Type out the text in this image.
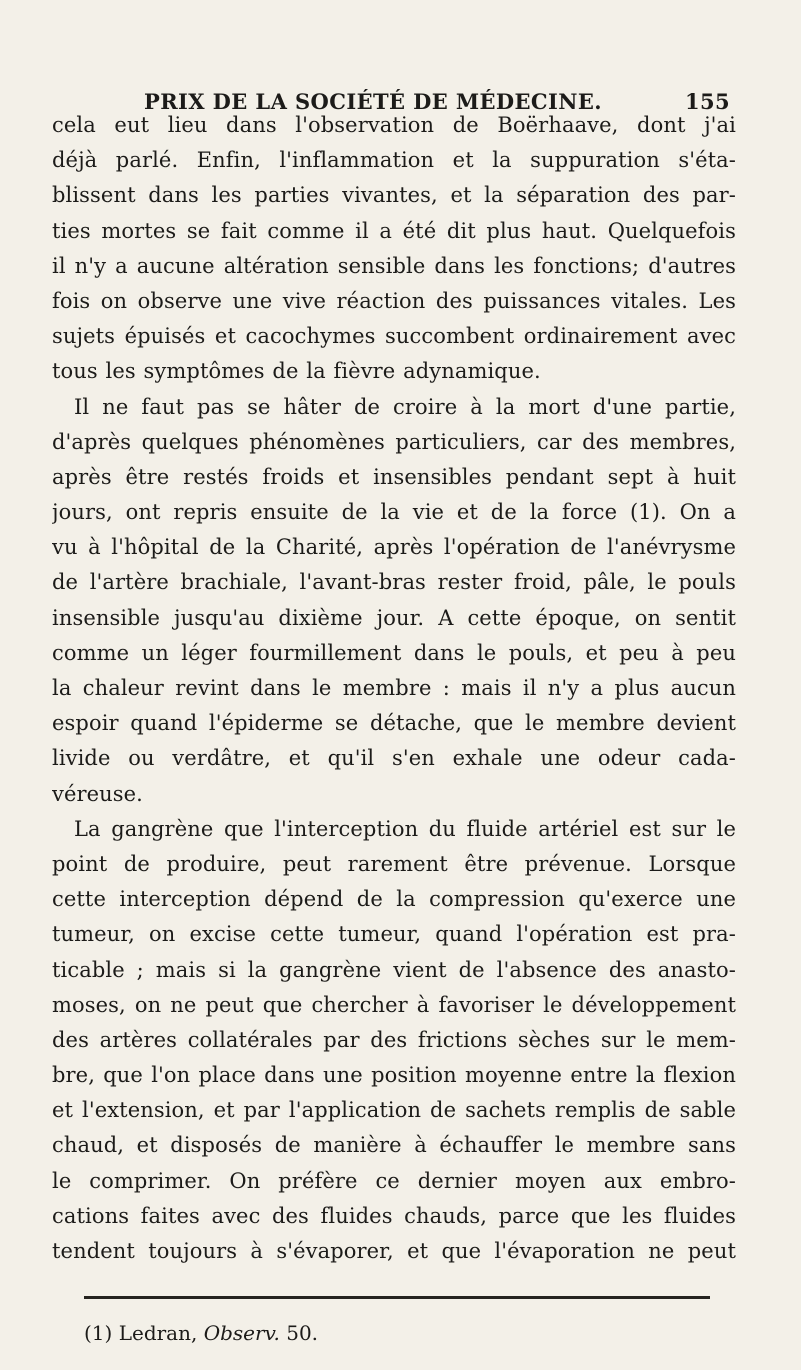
PRIX DE LA SOCIÉTÉ DE MÉDECINE.	155
cela eut lieu dans l'observation de Boërhaave, dont j'ai
déjà parlé. Enfin, l'inflammation et la suppuration s'éta-
blissent dans les parties vivantes, et la séparation des par-
ties mortes se fait comme il a été dit plus haut. Quelquefois
il n'y a aucune altération sensible dans les fonctions; d'autres
fois on observe une vive réaction des puissances vitales. Les
sujets épuisés et cacochymes succombent ordinairement avec
tous les symptômes de la fièvre adynamique.
Il ne faut pas se hâter de croire à la mort d'une partie,
d'après quelques phénomènes particuliers, car des membres,
après être restés froids et insensibles pendant sept à huit
jours, ont repris ensuite de la vie et de la force (1). On a
vu à l'hôpital de la Charité, après l'opération de l'anévrysme
de l'artère brachiale, l'avant-bras rester froid, pâle, le pouls
insensible jusqu'au dixième jour. A cette époque, on sentit
comme un léger fourmillement dans le pouls, et peu à peu
la chaleur revint dans le membre : mais il n'y a plus aucun
espoir quand l'épiderme se détache, que le membre devient
livide ou verdâtre, et qu'il s'en exhale une odeur cada-
véreuse.
La gangrène que l'interception du fluide artériel est sur le
point de produire, peut rarement être prévenue. Lorsque
cette interception dépend de la compression qu'exerce une
tumeur, on excise cette tumeur, quand l'opération est pra-
ticable ; mais si la gangrène vient de l'absence des anasto-
moses, on ne peut que chercher à favoriser le développement
des artères collatérales par des frictions sèches sur le mem-
bre, que l'on place dans une position moyenne entre la flexion
et l'extension, et par l'application de sachets remplis de sable
chaud, et disposés de manière à échauffer le membre sans
le comprimer. On préfère ce dernier moyen aux embro-
cations faites avec des fluides chauds, parce que les fluides
tendent toujours à s'évaporer, et que l'évaporation ne peut
(1) Ledran, Observ. 50.
